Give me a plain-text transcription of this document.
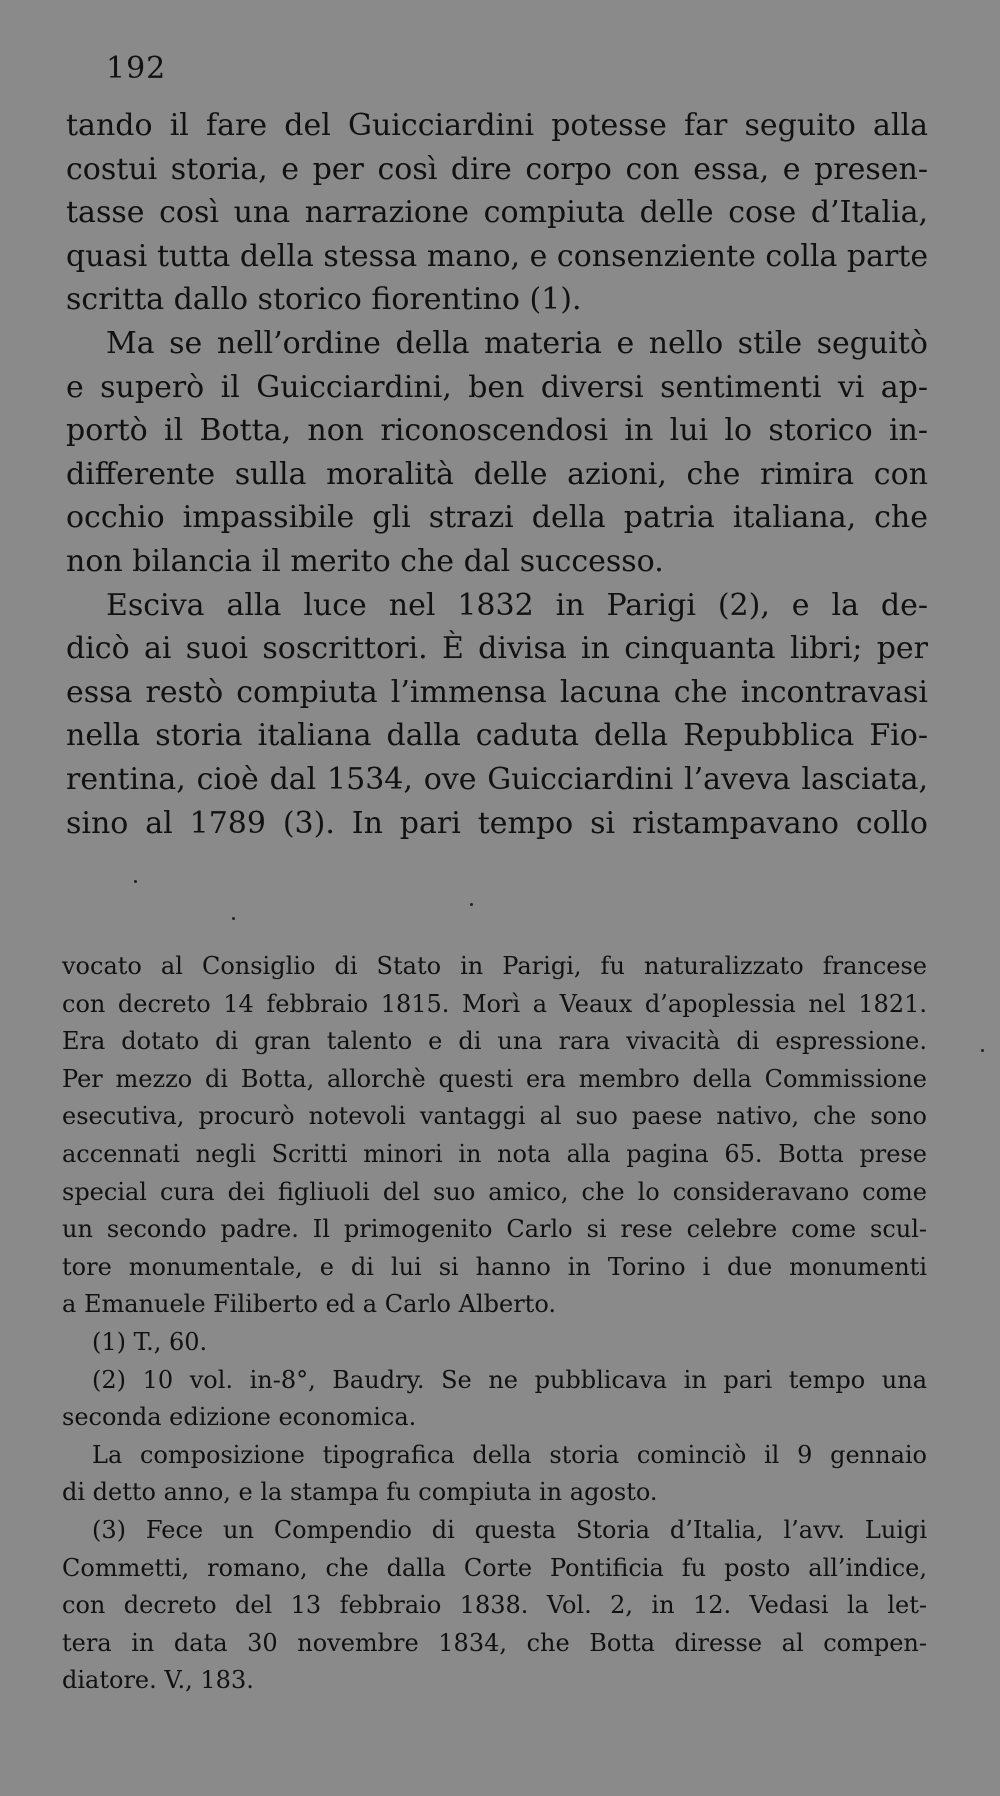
192
tando il fare del Guicciardini potesse far seguito alla
costui storia, e per così dire corpo con essa, e presen-
tasse così una narrazione compiuta delle cose d’Italia,
quasi tutta della stessa mano, e consenziente colla parte
scritta dallo storico fiorentino (1).
Ma se nell’ordine della materia e nello stile seguitò
e superò il Guicciardini, ben diversi sentimenti vi ap-
portò il Botta, non riconoscendosi in lui lo storico in-
differente sulla moralità delle azioni, che rimira con
occhio impassibile gli strazi della patria italiana, che
non bilancia il merito che dal successo.
Esciva alla luce nel 1832 in Parigi (2), e la de-
dicò ai suoi soscrittori. È divisa in cinquanta libri; per
essa restò compiuta l’immensa lacuna che incontravasi
nella storia italiana dalla caduta della Repubblica Fio-
rentina, cioè dal 1534, ove Guicciardini l’aveva lasciata,
sino al 1789 (3). In pari tempo si ristampavano collo
vocato al Consiglio di Stato in Parigi, fu naturalizzato francese
con decreto 14 febbraio 1815. Morì a Veaux d’apoplessia nel 1821.
Era dotato di gran talento e di una rara vivacità di espressione.
Per mezzo di Botta, allorchè questi era membro della Commissione
esecutiva, procurò notevoli vantaggi al suo paese nativo, che sono
accennati negli Scritti minori in nota alla pagina 65. Botta prese
special cura dei figliuoli del suo amico, che lo consideravano come
un secondo padre. Il primogenito Carlo si rese celebre come scul-
tore monumentale, e di lui si hanno in Torino i due monumenti
a Emanuele Filiberto ed a Carlo Alberto.
(1) T., 60.
(2) 10 vol. in-8°, Baudry. Se ne pubblicava in pari tempo una
seconda edizione economica.
La composizione tipografica della storia cominciò il 9 gennaio
di detto anno, e la stampa fu compiuta in agosto.
(3) Fece un Compendio di questa Storia d’Italia, l’avv. Luigi
Commetti, romano, che dalla Corte Pontificia fu posto all’indice,
con decreto del 13 febbraio 1838. Vol. 2, in 12. Vedasi la let-
tera in data 30 novembre 1834, che Botta diresse al compen-
diatore. V., 183.
